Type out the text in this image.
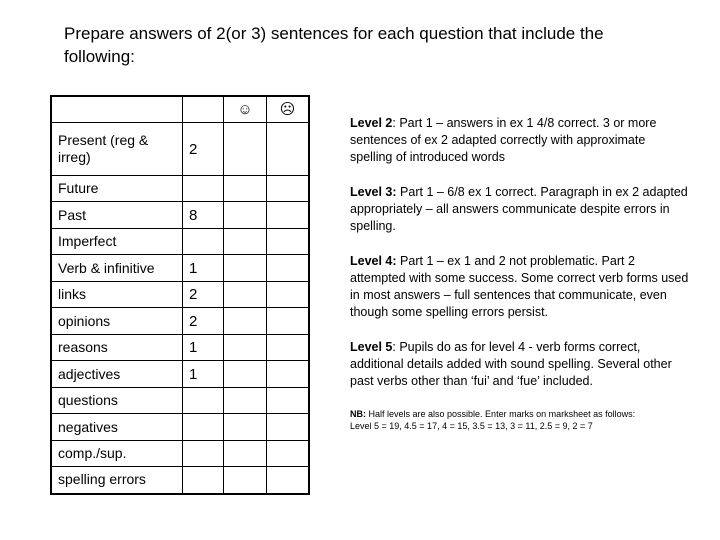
Prepare answers of 2(or 3) sentences for each question that include the following:
		☺	☹
Present (reg & irreg)	2		
Future			
Past	8		
Imperfect			
Verb & infinitive	1		
links	2		
opinions	2		
reasons	1		
adjectives	1		
questions			
negatives			
comp./sup.			
spelling errors			
Level 2: Part 1 – answers in ex 1 4/8 correct. 3 or more sentences of ex 2 adapted correctly with approximate spelling of introduced words
Level 3: Part 1 – 6/8 ex 1 correct. Paragraph in ex 2 adapted appropriately – all answers communicate despite errors in spelling.
Level 4: Part 1 – ex 1 and 2 not problematic. Part 2 attempted with some success. Some correct verb forms used in most answers – full sentences that communicate, even though some spelling errors persist.
Level 5: Pupils do as for level 4 - verb forms correct, additional details added with sound spelling. Several other past verbs other than ‘fui’ and ‘fue’ included.
NB: Half levels are also possible. Enter marks on marksheet as follows:
Level 5 = 19, 4.5 = 17, 4 = 15, 3.5 = 13, 3 = 11, 2.5 = 9, 2 = 7
